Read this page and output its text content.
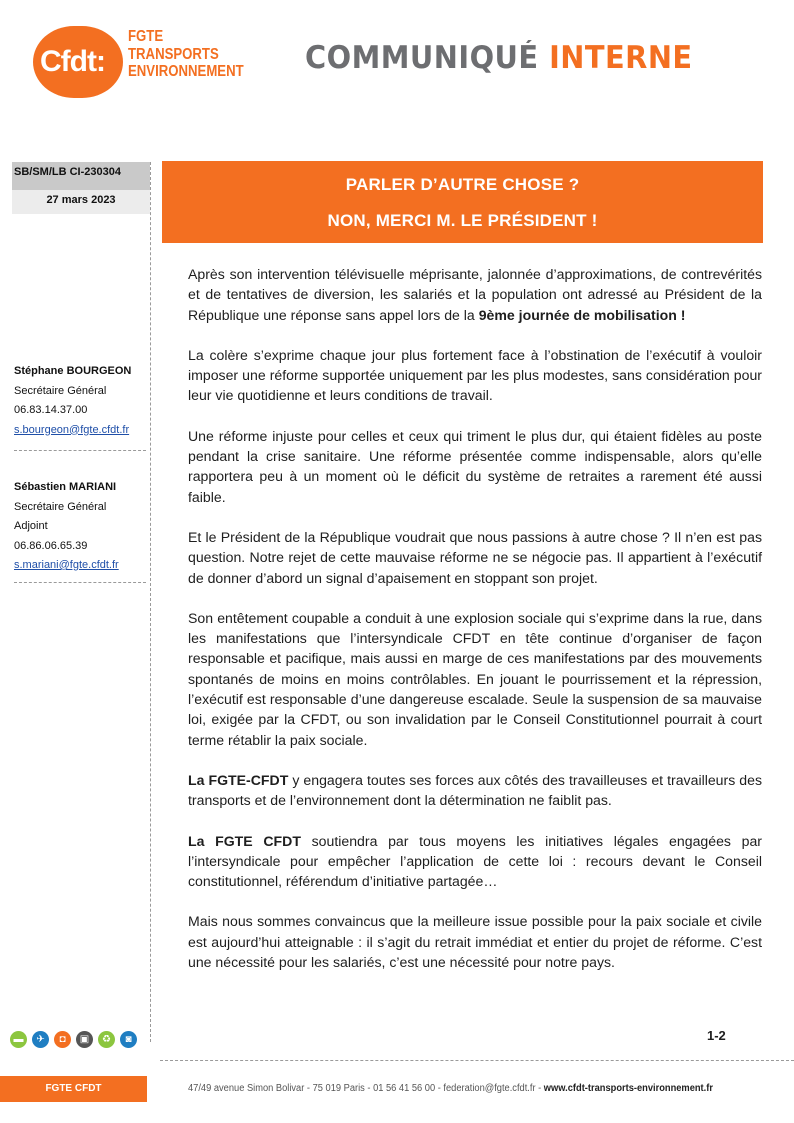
Cfdt:
FGTE
TRANSPORTS
ENVIRONNEMENT COMMUNIQUÉ INTERNE
SB/SM/LB CI-230304
27 mars 2023
Stéphane BOURGEON
Secrétaire Général
06.83.14.37.00
s.bourgeon@fgte.cfdt.fr
Sébastien MARIANI
Secrétaire Général
Adjoint
06.86.06.65.39
s.mariani@fgte.cfdt.fr
PARLER D’AUTRE CHOSE ?
NON, MERCI M. LE PRÉSIDENT !

Après son intervention télévisuelle méprisante, jalonnée d’approximations, de contrevérités et de tentatives de diversion, les salariés et la population ont adressé au Président de la République une réponse sans appel lors de la 9ème journée de mobilisation !

La colère s’exprime chaque jour plus fortement face à l’obstination de l’exécutif à vouloir imposer une réforme supportée uniquement par les plus modestes, sans considération pour leur vie quotidienne et leurs conditions de travail.

Une réforme injuste pour celles et ceux qui triment le plus dur, qui étaient fidèles au poste pendant la crise sanitaire. Une réforme présentée comme indispensable, alors qu’elle rapportera peu à un moment où le déficit du système de retraites a rarement été aussi faible.

Et le Président de la République voudrait que nous passions à autre chose ? Il n’en est pas question. Notre rejet de cette mauvaise réforme ne se négocie pas. Il appartient à l’exécutif de donner d’abord un signal d’apaisement en stoppant son projet.

Son entêtement coupable a conduit à une explosion sociale qui s’exprime dans la rue, dans les manifestations que l’intersyndicale CFDT en tête continue d’organiser de façon responsable et pacifique, mais aussi en marge de ces manifestations par des mouvements spontanés de moins en moins contrôlables. En jouant le pourrissement et la répression, l’exécutif est responsable d’une dangereuse escalade. Seule la suspension de sa mauvaise loi, exigée par la CFDT, ou son invalidation par le Conseil Constitutionnel pourrait à court terme rétablir la paix sociale.

La FGTE-CFDT y engagera toutes ses forces aux côtés des travailleuses et travailleurs des transports et de l’environnement dont la détermination ne faiblit pas.

La FGTE CFDT soutiendra par tous moyens les initiatives légales engagées par l’intersyndicale pour empêcher l’application de cette loi : recours devant le Conseil constitutionnel, référendum d’initiative partagée…

Mais nous sommes convaincus que la meilleure issue possible pour la paix sociale et civile est aujourd’hui atteignable : il s’agit du retrait immédiat et entier du projet de réforme. C’est une nécessité pour les salariés, c’est une nécessité pour notre pays.

▬	✈	◘	▣	♻	◙	1-2
FGTE CFDT	47/49 avenue Simon Bolivar - 75 019 Paris - 01 56 41 56 00 - federation@fgte.cfdt.fr - www.cfdt-transports-environnement.fr
